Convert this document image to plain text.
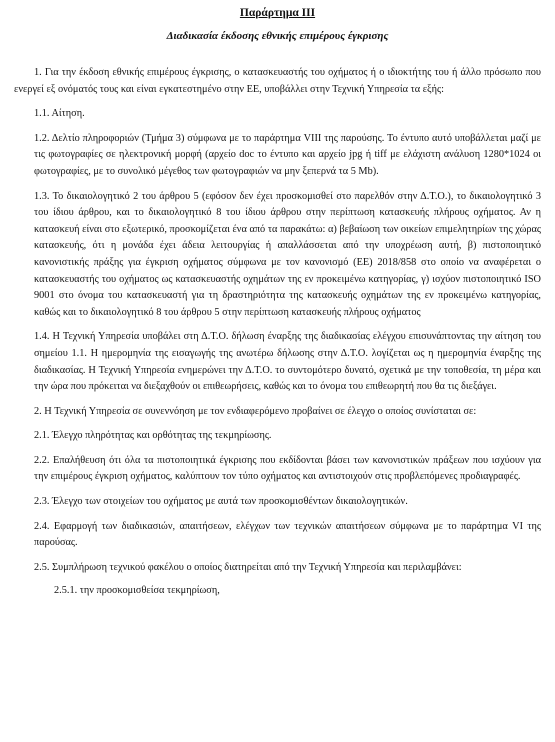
Παράρτημα ΙΙΙ
Διαδικασία έκδοσης εθνικής επιμέρους έγκρισης

1. Για την έκδοση εθνικής επιμέρους έγκρισης, ο κατασκευαστής του οχήματος ή ο ιδιοκτήτης του ή άλλο πρόσωπο που ενεργεί εξ ονόματός τους και είναι εγκατεστημένο στην ΕΕ, υποβάλλει στην Τεχνική Υπηρεσία τα εξής:

1.1. Αίτηση.

1.2. Δελτίο πληροφοριών (Τμήμα 3) σύμφωνα με το παράρτημα VIII της παρούσης. Το έντυπο αυτό υποβάλλεται μαζί με τις φωτογραφίες σε ηλεκτρονική μορφή (αρχείο doc το έντυπο και αρχείο jpg ή tiff με ελάχιστη ανάλυση 1280*1024 οι φωτογραφίες, με το συνολικό μέγεθος των φωτογραφιών να μην ξεπερνά τα 5 Mb).

1.3. Το δικαιολογητικό 2 του άρθρου 5 (εφόσον δεν έχει προσκομισθεί στο παρελθόν στην Δ.Τ.Ο.), το δικαιολογητικό 3 του ίδιου άρθρου, και το δικαιολογητικό 8 του ίδιου άρθρου στην περίπτωση κατασκευής πλήρους οχήματος. Αν η κατασκευή είναι στο εξωτερικό, προσκομίζεται ένα από τα παρακάτω: α) βεβαίωση των οικείων επιμελητηρίων της χώρας κατασκευής, ότι η μονάδα έχει άδεια λειτουργίας ή απαλλάσσεται από την υποχρέωση αυτή, β) πιστοποιητικό κανονιστικής πράξης για έγκριση οχήματος σύμφωνα με τον κανονισμό (ΕΕ) 2018/858 στο οποίο να αναφέρεται ο κατασκευαστής του οχήματος ως κατασκευαστής οχημάτων της εν προκειμένω κατηγορίας, γ) ισχύον πιστοποιητικό ISO 9001 στο όνομα του κατασκευαστή για τη δραστηριότητα της κατασκευής οχημάτων της εν προκειμένω κατηγορίας, καθώς και το δικαιολογητικό 8 του άρθρου 5 στην περίπτωση κατασκευής πλήρους οχήματος

1.4. Η Τεχνική Υπηρεσία υποβάλει στη Δ.Τ.Ο. δήλωση έναρξης της διαδικασίας ελέγχου επισυνάπτοντας την αίτηση του σημείου 1.1. Η ημερομηνία της εισαγωγής της ανωτέρω δήλωσης στην Δ.Τ.Ο. λογίζεται ως η ημερομηνία έναρξης της διαδικασίας. Η Τεχνική Υπηρεσία ενημερώνει την Δ.Τ.Ο. το συντομότερο δυνατό, σχετικά με την τοποθεσία, τη μέρα και την ώρα που πρόκειται να διεξαχθούν οι επιθεωρήσεις, καθώς και το όνομα του επιθεωρητή που θα τις διεξάγει.

2. Η Τεχνική Υπηρεσία σε συνεννόηση με τον ενδιαφερόμενο προβαίνει σε έλεγχο ο οποίος συνίσταται σε:

2.1. Έλεγχο πληρότητας και ορθότητας της τεκμηρίωσης.

2.2. Επαλήθευση ότι όλα τα πιστοποιητικά έγκρισης που εκδίδονται βάσει των κανονιστικών πράξεων που ισχύουν για την επιμέρους έγκριση οχήματος, καλύπτουν τον τύπο οχήματος και αντιστοιχούν στις προβλεπόμενες προδιαγραφές.

2.3. Έλεγχο των στοιχείων του οχήματος με αυτά των προσκομισθέντων δικαιολογητικών.

2.4. Εφαρμογή των διαδικασιών, απαιτήσεων, ελέγχων των τεχνικών απαιτήσεων σύμφωνα με το παράρτημα VI της παρούσας.

2.5. Συμπλήρωση τεχνικού φακέλου ο οποίος διατηρείται από την Τεχνική Υπηρεσία και περιλαμβάνει:

2.5.1. την προσκομισθείσα τεκμηρίωση,
